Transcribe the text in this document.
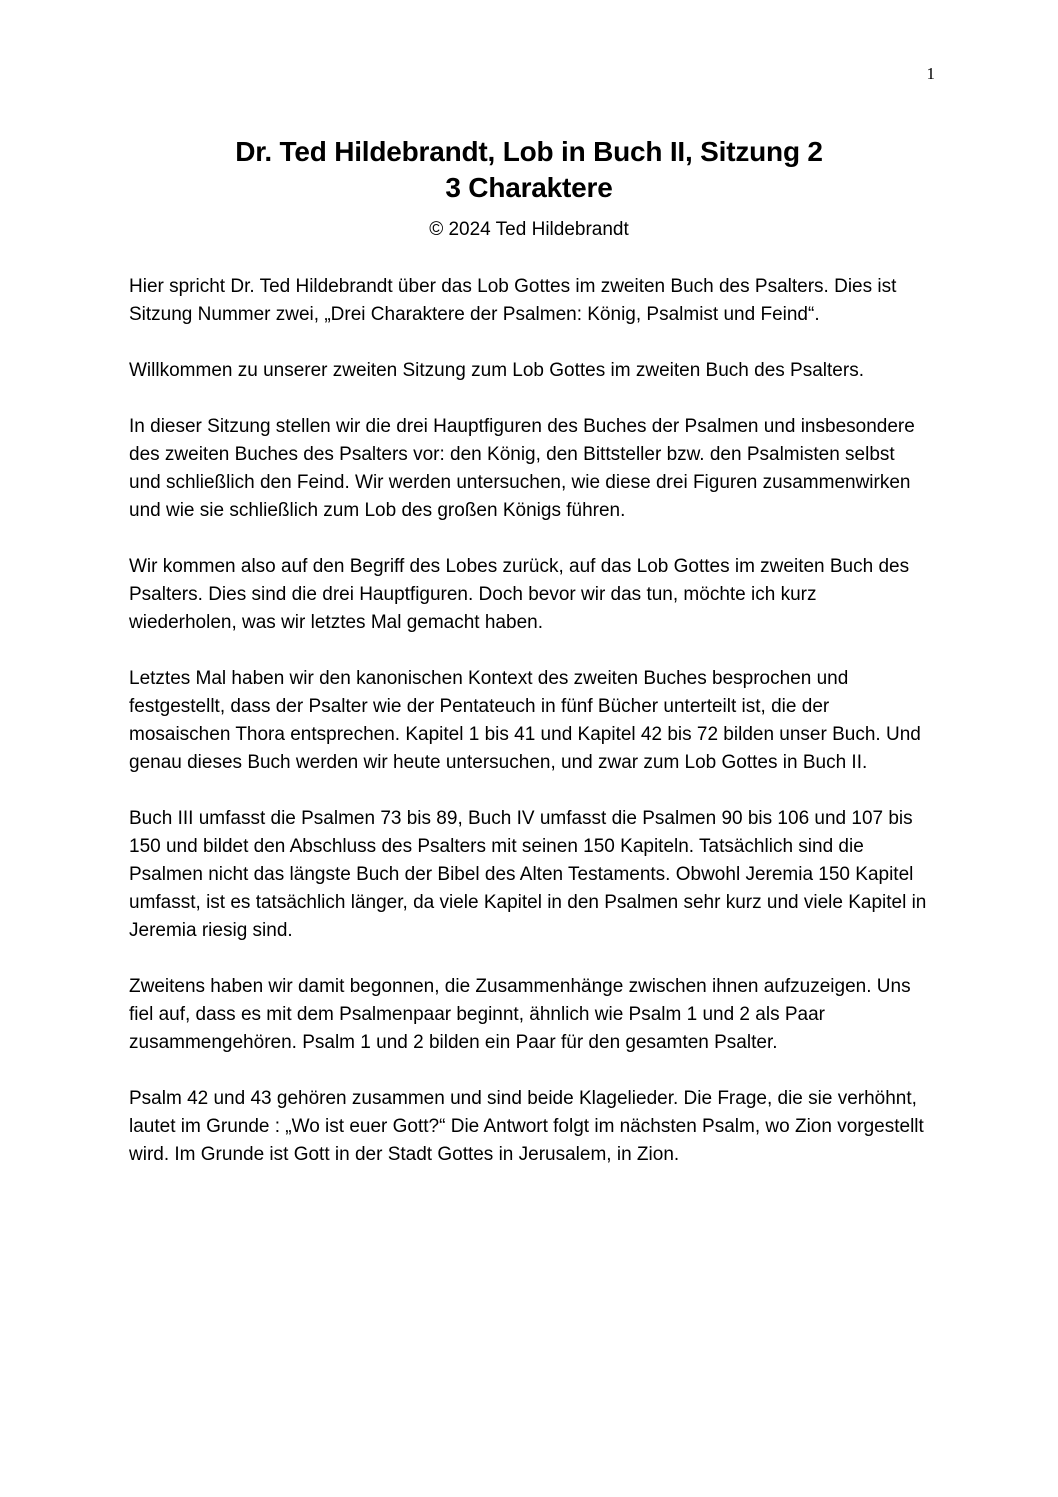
1
Dr. Ted Hildebrandt, Lob in Buch II, Sitzung 2
3 Charaktere
© 2024 Ted Hildebrandt

Hier spricht Dr. Ted Hildebrandt über das Lob Gottes im zweiten Buch des Psalters. Dies ist Sitzung Nummer zwei, „Drei Charaktere der Psalmen: König, Psalmist und Feind“.

Willkommen zu unserer zweiten Sitzung zum Lob Gottes im zweiten Buch des Psalters.

In dieser Sitzung stellen wir die drei Hauptfiguren des Buches der Psalmen und insbesondere des zweiten Buches des Psalters vor: den König, den Bittsteller bzw. den Psalmisten selbst und schließlich den Feind. Wir werden untersuchen, wie diese drei Figuren zusammenwirken und wie sie schließlich zum Lob des großen Königs führen.

Wir kommen also auf den Begriff des Lobes zurück, auf das Lob Gottes im zweiten Buch des Psalters. Dies sind die drei Hauptfiguren. Doch bevor wir das tun, möchte ich kurz wiederholen, was wir letztes Mal gemacht haben.

Letztes Mal haben wir den kanonischen Kontext des zweiten Buches besprochen und festgestellt, dass der Psalter wie der Pentateuch in fünf Bücher unterteilt ist, die der mosaischen Thora entsprechen. Kapitel 1 bis 41 und Kapitel 42 bis 72 bilden unser Buch. Und genau dieses Buch werden wir heute untersuchen, und zwar zum Lob Gottes in Buch II.

Buch III umfasst die Psalmen 73 bis 89, Buch IV umfasst die Psalmen 90 bis 106 und 107 bis 150 und bildet den Abschluss des Psalters mit seinen 150 Kapiteln. Tatsächlich sind die Psalmen nicht das längste Buch der Bibel des Alten Testaments. Obwohl Jeremia 150 Kapitel umfasst, ist es tatsächlich länger, da viele Kapitel in den Psalmen sehr kurz und viele Kapitel in Jeremia riesig sind.

Zweitens haben wir damit begonnen, die Zusammenhänge zwischen ihnen aufzuzeigen. Uns fiel auf, dass es mit dem Psalmenpaar beginnt, ähnlich wie Psalm 1 und 2 als Paar zusammengehören. Psalm 1 und 2 bilden ein Paar für den gesamten Psalter.

Psalm 42 und 43 gehören zusammen und sind beide Klagelieder. Die Frage, die sie verhöhnt, lautet im Grunde : „Wo ist euer Gott?“ Die Antwort folgt im nächsten Psalm, wo Zion vorgestellt wird. Im Grunde ist Gott in der Stadt Gottes in Jerusalem, in Zion.
